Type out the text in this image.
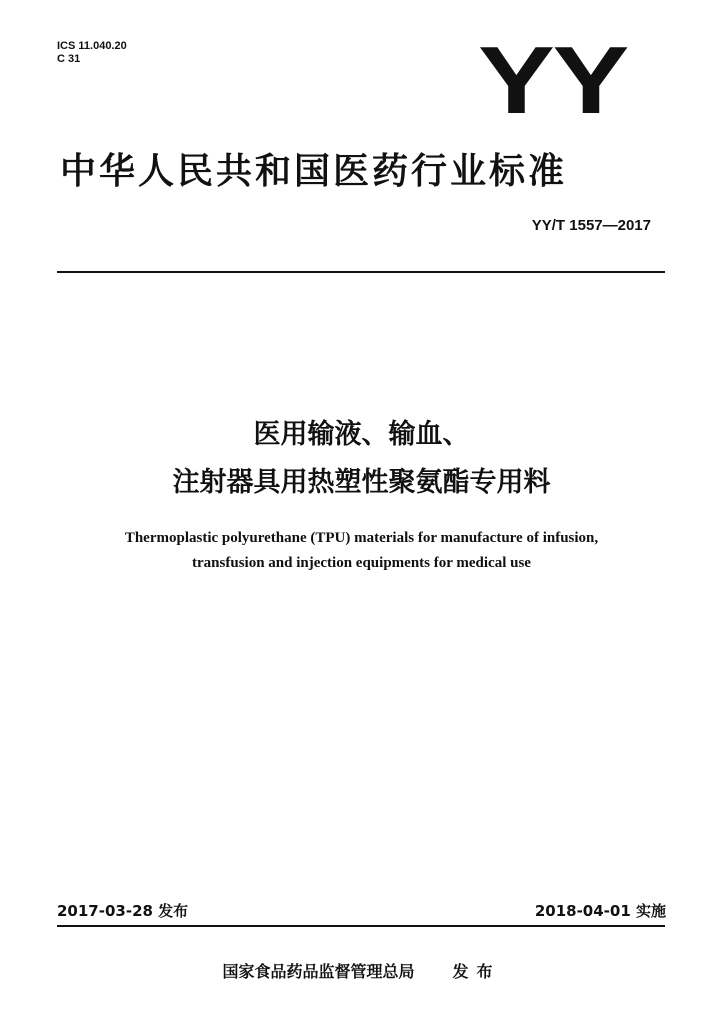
ICS 11.040.20
C 31	YY
中华人民共和国医药行业标准
YY/T 1557—2017
医用输液、输血、
注射器具用热塑性聚氨酯专用料
Thermoplastic polyurethane (TPU) materials for manufacture of infusion,
transfusion and injection equipments for medical use
2017-03-28 发布	2018-04-01 实施
国家食品药品监督管理总局 发布
